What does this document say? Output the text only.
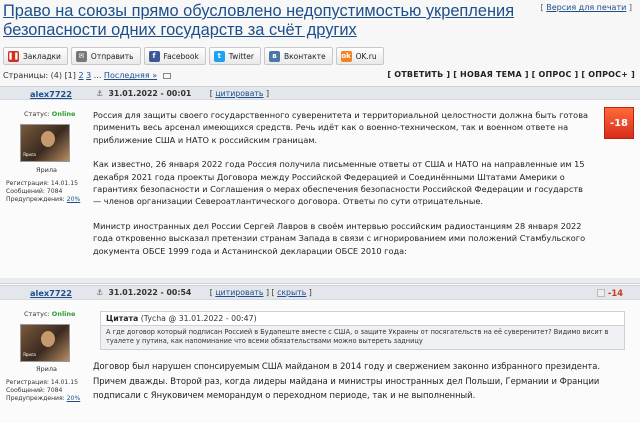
Право на союзы прямо обусловлено недопустимостью укрепления безопасности одних государств за счёт других
[ Версия для печати ]
❚❚ Закладки	✉ Отправить	f	Facebook	t	Twitter	в Вконтакте ok OK.ru
Страницы: (4) [1] 2 3 ... Последняя »	[ ОТВЕТИТЬ ] [ НОВАЯ ТЕМА ] [ ОПРОС ] [ ОПРОС+ ]
alex7722	⚓ 31.01.2022 - 00:01 [ цитировать ]
Статус: Online
Ярила
Ярила
Регистрация: 14.01.15
Сообщений: 7084
Предупреждения: 20%

Россия для защиты своего государственного суверенитета и территориальной целостности должна быть готова применить весь арсенал имеющихся средств. Речь идёт как о военно-техническом, так и военном ответе на приближение США и НАТО к российским границам.

Как известно, 26 января 2022 года Россия получила письменные ответы от США и НАТО на направленные им 15 декабря 2021 года проекты Договора между Российской Федерацией и Соединёнными Штатами Америки о гарантиях безопасности и Соглашения о мерах обеспечения безопасности Российской Федерации и государств — членов организации Североатлантического договора. Ответы по сути отрицательные.

Министр иностранных дел России Сергей Лавров в своём интервью российским радиостанциям 28 января 2022 года откровенно высказал претензии странам Запада в связи с игнорированием ими положений Стамбульского документа ОБСЕ 1999 года и Астанинской декларации ОБСЕ 2010 года:

-18
alex7722	⚓ 31.01.2022 - 00:54 [ цитировать ] [ скрыть ]	-14
Статус: Online
Ярила
Ярила
Регистрация: 14.01.15
Сообщений: 7084
Предупреждения: 20%
Цитата (Tycha @ 31.01.2022 - 00:47)
А где договор который подписан Россией в Будапеште вместе с США, о защите Украины от посягательств на её суверенитет? Видимо висит в туалете у путина, как напоминание что всеми обязательствами можно вытереть задницу

Договор был нарушен спонсируемым США майданом в 2014 году и свержением законно избранного президента. Причем дважды. Второй раз, когда лидеры майдана и министры иностранных дел Польши, Германии и Франции подписали с Януковичем меморандум о переходном периоде, так и не выполненный.
